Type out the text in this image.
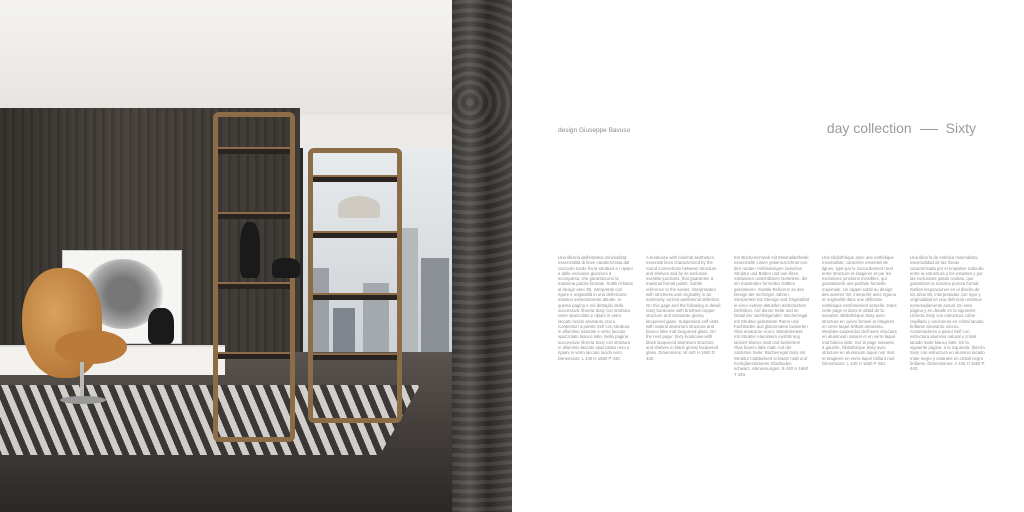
design Giuseppe Bavuso	day collection Sixty
Una libreria dall'estetica minimalista: essenzialità di linee caratterizzata dal raccordo tondo fra la struttura e i ripiani e dalle esclusive giunzioni a scomparsa, che garantiscono la massima pulizia formale. Sottili richiami al design anni '60, interpretati con rigore e originalità in una definizione estetica estremamente attuale. In questa pagina e nel dettaglio della successiva: libreria Sixty con struttura rame spazzolato e ripiani in vetro laccato lucido amaranto scuro. Contenitori a parete Self con struttura in alluminio naturale e vetro laccato spazzolato bianco latte. Nella pagina successiva: libreria Sixty con struttura in alluminio laccato spazzolato nero e ripiani in vetro laccato lucido nero. Dimensioni: L 440 H 1660 P 440.
A bookcase with minimal aesthetics: essential lines characterized by the round connections between structure and shelves and by its exclusive invisible junctions, that guarantee a maximal formal polish. Subtle reference to the sixties, interpretated with strictness and originality in an extremely current aesthetical definition. On this page and the following in detail: Sixty bookcase with brushed copper structure and amaranto glossy lacquered glass. Suspended self units with natural aluminum structure and bianco latte mat lacquered glass. On the next page: Sixty bookcase with black lacquered aluminum structure and shelves in black glossy lacquered glass. Dimensions: W 440 H 1660 D 440.
Ein Bücherschrank mit Minimalästhetik: essenzielle Linien gekennzeichnet von den runden Verbindungen zwischen Struktur und Böden und von ihren exklusiven unsichtbaren Gelenken, die ein maximales formelles Glätten garantieren. Subtile Referenz an den Design der sechziger Jahren, interpretiert mit Strenge und Originalität in einer extrem aktuellen ästhetischen Definition. Auf dieser Seite und im Detail der nachfolgenden: Bücherregal mit Struktur gebürstete Rame und Fachböden aus glänzendem lackierten Glas amaranto scuro. Wandelement mit Struktur Aluminium Ausführung lackiert bianco matt und lackiertem Glas bianco latte matt. Auf der nächsten Seite: Bücherregal Sixty mit Struktur mattlackiert schwarz matt und hochglanzlackierte Glasboden schwarz. Abmessungen: B 440 H 1660 T 440.
Une bibliothèque avec une esthétique minimaliste: caractère essentiel de lignes, typé par le raccordement rond entre structure et étagères et par les exclusives jonctions invisibles, qui garantissent une parfaite formelle maximale. Un rappel subtil au design des années '60, interprété avec rigueur et originalité dans une définition esthétique extrêmement actuelle. Dans cette page et dans le détail de la suivante: Bibliothèque Sixty avec structure en cuivre brossé et étagères en verre laqué brillant amaranto. Meubles suspendus Self avec structure en aluminium naturel et en verre laqué mat bianco latte. Sur la page suivante, à gauche, bibliothèque Sixty avec structure en aluminium laqué noir mat et étagères en verre laqué brillant noir. Dimensions: L 440 H 1660 P 440.
Una librería de estética minimalista: esencialidad de las líneas caracterizada por el empalme redondo entre la estructura y los estantes y por las exclusivas juntas ocultas, que garantizan la máxima pureza formal. Sutiles inspiraciones en el diseño de los años 60, interpretadas con rigor y originalidad en una definición estética extremadamente actual. En esta página y en detalle en la siguiente: Librería Sixty con estructura cobre cepillado y encimeras en cristal lacado brillante amaranto oscuro. Contenedores a pared Self con estructura aluminio natural y cristal lacado mate bianco latte. En la siguiente página: a la izquierda, librería Sixty con estructura en aluminio lacado mate negro y estantes en cristal negro brillante. Dimensiones: A 440 H 1660 P 440.
